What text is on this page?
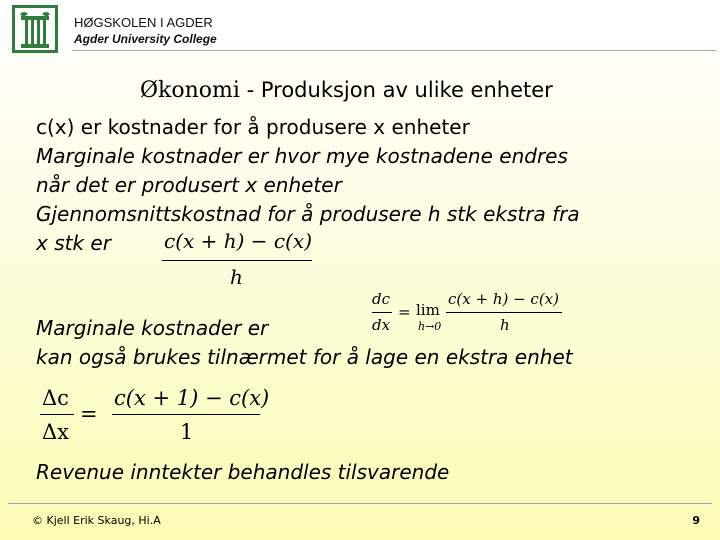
HØGSKOLEN I AGDER
Agder University College
Økonomi - Produksjon av ulike enheter
c(x) er kostnader for å produsere x enheter
Marginale kostnader er hvor mye kostnadene endres
når det er produsert x enheter
Gjennomsnittskostnad for å produsere h stk ekstra fra
x stk er	c(x + h) − c(x)
h
dc
dx
= lim
h→0
c(x + h) − c(x)
h
Marginale kostnader er
kan også brukes tilnærmet for å lage en ekstra enhet
Δc
Δx
=
c(x + 1) − c(x)
1
Revenue inntekter behandles tilsvarende
© Kjell Erik Skaug, Hi.A	9
